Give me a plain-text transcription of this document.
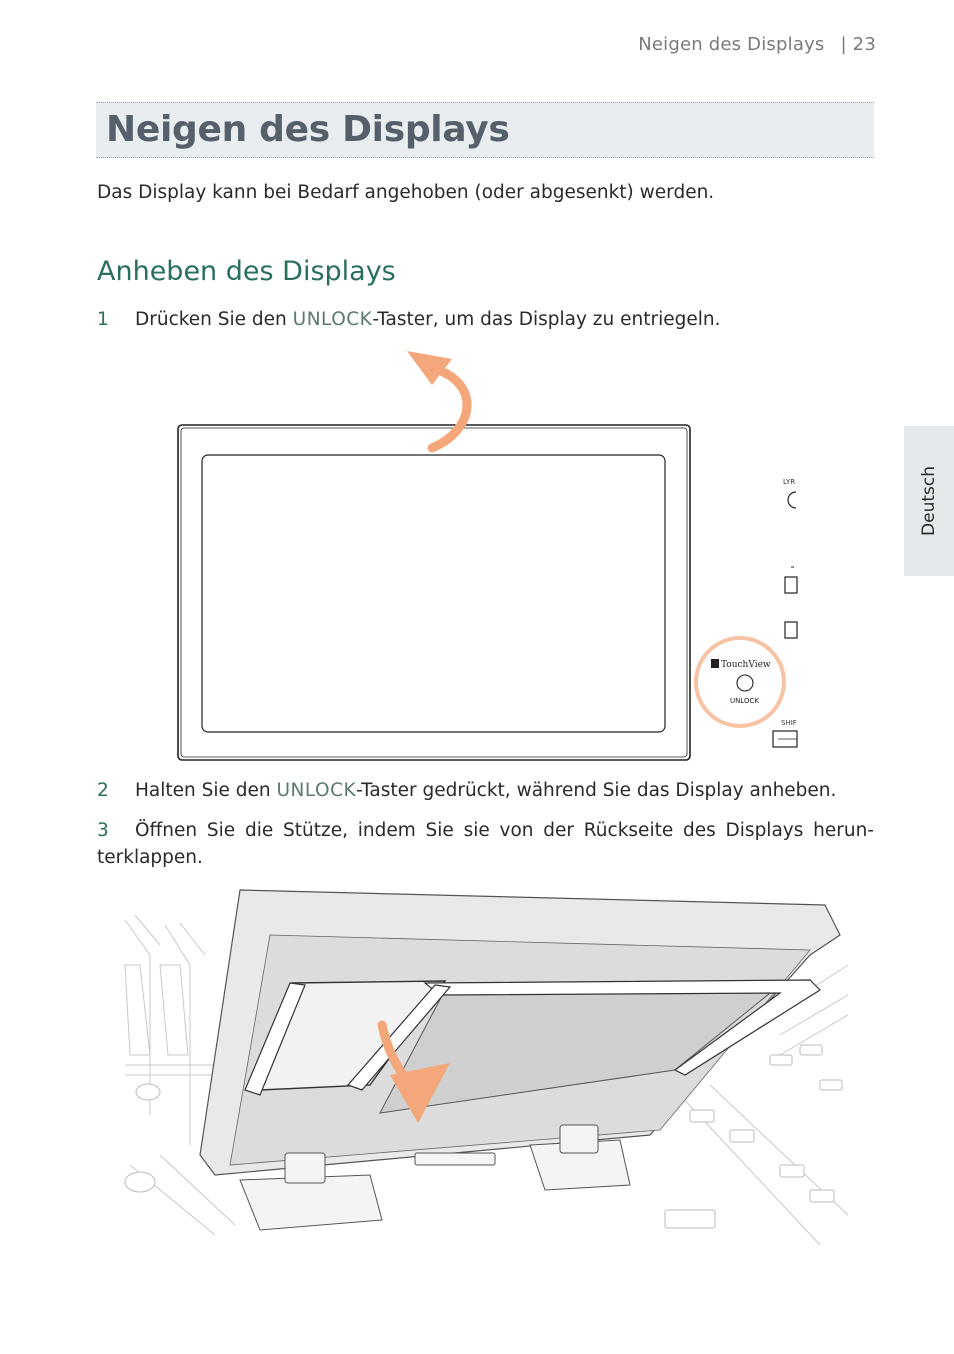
Neigen des Displays | 23
Neigen des Displays
Das Display kann bei Bedarf angehoben (oder abgesenkt) werden.
Anheben des Displays
1 Drücken Sie den UNLOCK-Taster, um das Display zu entriegeln.
LYR
TouchView
UNLOCK
SHIF
2 Halten Sie den UNLOCK-Taster gedrückt, während Sie das Display anheben.
3 Öffnen Sie die Stütze, indem Sie sie von der Rückseite des Displays herun-terklappen.
Deutsch
